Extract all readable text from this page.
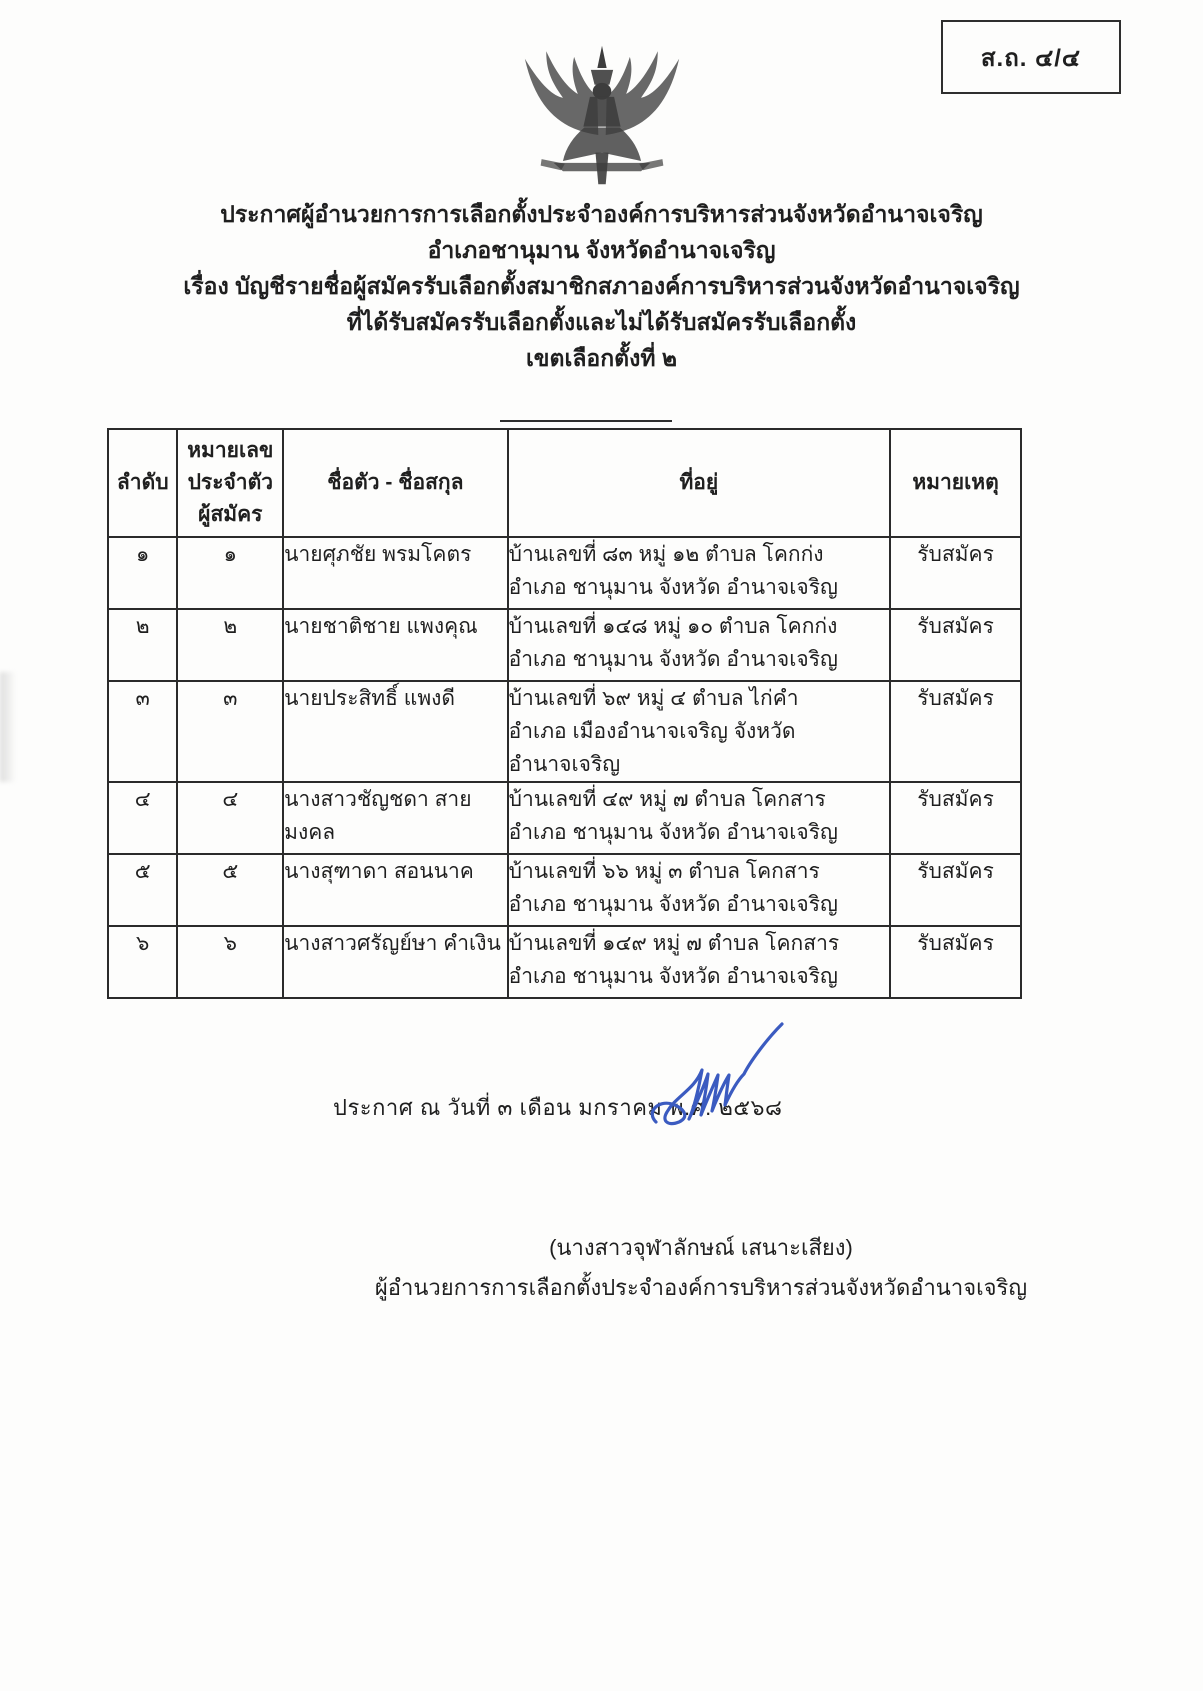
ส.ถ. ๔/๔
ประกาศผู้อำนวยการการเลือกตั้งประจำองค์การบริหารส่วนจังหวัดอำนาจเจริญ
อำเภอชานุมาน จังหวัดอำนาจเจริญ
เรื่อง บัญชีรายชื่อผู้สมัครรับเลือกตั้งสมาชิกสภาองค์การบริหารส่วนจังหวัดอำนาจเจริญ
ที่ได้รับสมัครรับเลือกตั้งและไม่ได้รับสมัครรับเลือกตั้ง
เขตเลือกตั้งที่ ๒
ลำดับ	หมายเลข
ประจำตัว
ผู้สมัคร	ชื่อตัว - ชื่อสกุล	ที่อยู่	หมายเหตุ
๑	๑	นายศุภชัย พรมโคตร	บ้านเลขที่ ๘๓ หมู่ ๑๒ ตำบล โคกก่ง
อำเภอ ชานุมาน จังหวัด อำนาจเจริญ	รับสมัคร
๒	๒	นายชาติชาย แพงคุณ	บ้านเลขที่ ๑๔๘ หมู่ ๑๐ ตำบล โคกก่ง
อำเภอ ชานุมาน จังหวัด อำนาจเจริญ	รับสมัคร
๓	๓	นายประสิทธิ์ แพงดี	บ้านเลขที่ ๖๙ หมู่ ๔ ตำบล ไก่คำ
อำเภอ เมืองอำนาจเจริญ จังหวัด อำนาจเจริญ	รับสมัคร
๔	๔	นางสาวชัญชดา สายมงคล	บ้านเลขที่ ๔๙ หมู่ ๗ ตำบล โคกสาร
อำเภอ ชานุมาน จังหวัด อำนาจเจริญ	รับสมัคร
๕	๕	นางสุฑาดา สอนนาค	บ้านเลขที่ ๖๖ หมู่ ๓ ตำบล โคกสาร
อำเภอ ชานุมาน จังหวัด อำนาจเจริญ	รับสมัคร
๖	๖	นางสาวศรัญย์ษา คำเงิน	บ้านเลขที่ ๑๔๙ หมู่ ๗ ตำบล โคกสาร
อำเภอ ชานุมาน จังหวัด อำนาจเจริญ	รับสมัคร
ประกาศ ณ วันที่ ๓ เดือน มกราคม พ.ศ. ๒๕๖๘
(นางสาวจุฬาลักษณ์ เสนาะเสียง)
ผู้อำนวยการการเลือกตั้งประจำองค์การบริหารส่วนจังหวัดอำนาจเจริญ
